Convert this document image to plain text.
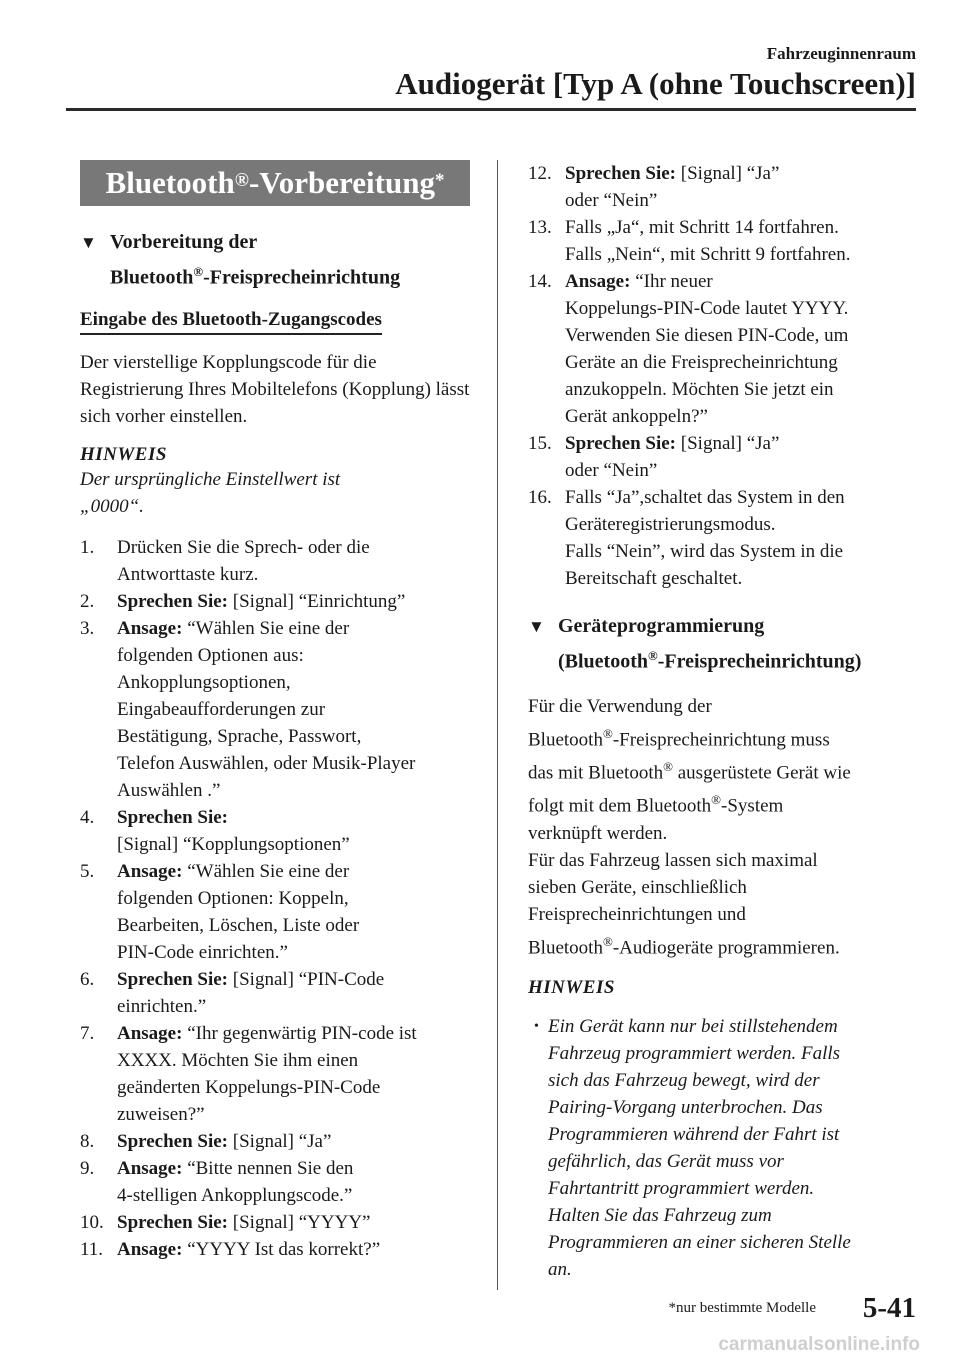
Fahrzeuginnenraum
Audiogerät [Typ A (ohne Touchscreen)]
Bluetooth® -Vorbereitung*
▼ Vorbereitung der
Bluetooth®-Freisprecheinrichtung
Eingabe des Bluetooth-Zugangscodes

Der vierstellige Kopplungscode für die Registrierung Ihres Mobiltelefons (Kopplung) lässt sich vorher einstellen.

HINWEIS

Der ursprüngliche Einstellwert ist

„0000“.

1. Drücken Sie die Sprech- oder die
Antworttaste kurz.
2. Sprechen Sie: [Signal] “Einrichtung”
3. Ansage: “Wählen Sie eine der
folgenden Optionen aus:
Ankopplungsoptionen,
Eingabeaufforderungen zur
Bestätigung, Sprache, Passwort,
Telefon Auswählen, oder Musik-Player
Auswählen .”
4. Sprechen Sie:
[Signal] “Kopplungsoptionen”
5. Ansage: “Wählen Sie eine der
folgenden Optionen: Koppeln,
Bearbeiten, Löschen, Liste oder
PIN-Code einrichten.”
6. Sprechen Sie: [Signal] “PIN-Code
einrichten.”
7. Ansage: “Ihr gegenwärtig PIN-code ist
XXXX. Möchten Sie ihm einen
geänderten Koppelungs-PIN-Code
zuweisen?”
8. Sprechen Sie: [Signal] “Ja”
9. Ansage: “Bitte nennen Sie den
4-stelligen Ankopplungscode.”
10. Sprechen Sie: [Signal] “YYYY”
11. Ansage: “YYYY Ist das korrekt?”
12. Sprechen Sie: [Signal] “Ja”
oder “Nein”
13. Falls „Ja“, mit Schritt 14 fortfahren.
Falls „Nein“, mit Schritt 9 fortfahren.
14. Ansage: “Ihr neuer
Koppelungs-PIN-Code lautet YYYY.
Verwenden Sie diesen PIN-Code, um
Geräte an die Freisprecheinrichtung
anzukoppeln. Möchten Sie jetzt ein
Gerät ankoppeln?”
15. Sprechen Sie: [Signal] “Ja”
oder “Nein”
16. Falls “Ja”,schaltet das System in den
Geräteregistrierungsmodus.
Falls “Nein”, wird das System in die
Bereitschaft geschaltet.
▼ Geräteprogrammierung
(Bluetooth®-Freisprecheinrichtung)

Für die Verwendung der

Bluetooth®-Freisprecheinrichtung muss

das mit Bluetooth® ausgerüstete Gerät wie

folgt mit dem Bluetooth®-System

verknüpft werden.

Für das Fahrzeug lassen sich maximal

sieben Geräte, einschließlich

Freisprecheinrichtungen und

Bluetooth®-Audiogeräte programmieren.

HINWEIS
• Ein Gerät kann nur bei stillstehendem
Fahrzeug programmiert werden. Falls
sich das Fahrzeug bewegt, wird der
Pairing-Vorgang unterbrochen. Das
Programmieren während der Fahrt ist
gefährlich, das Gerät muss vor
Fahrtantritt programmiert werden.
Halten Sie das Fahrzeug zum
Programmieren an einer sicheren Stelle
an.
*nur bestimmte Modelle 5-41
carmanualsonline.info
